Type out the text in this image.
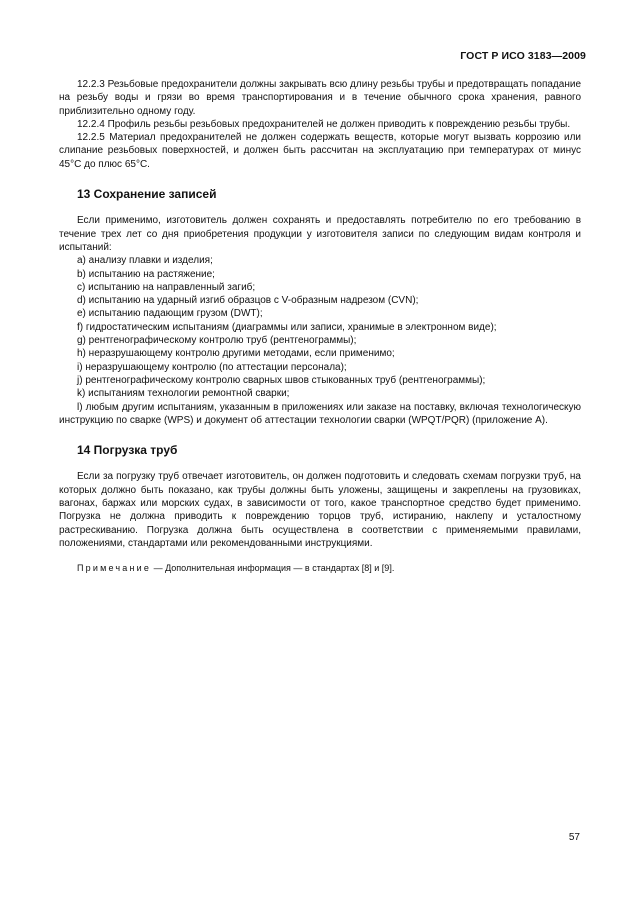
ГОСТ Р ИСО 3183—2009

12.2.3 Резьбовые предохранители должны закрывать всю длину резьбы трубы и предотвращать попадание на резьбу воды и грязи во время транспортирования и в течение обычного срока хранения, равного приблизительно одному году.

12.2.4 Профиль резьбы резьбовых предохранителей не должен приводить к повреждению резьбы трубы.

12.2.5 Материал предохранителей не должен содержать веществ, которые могут вызвать коррозию или слипание резьбовых поверхностей, и должен быть рассчитан на эксплуатацию при температурах от минус 45°С до плюс 65°С.

13 Сохранение записей

Если применимо, изготовитель должен сохранять и предоставлять потребителю по его требованию в течение трех лет со дня приобретения продукции у изготовителя записи по следующим видам контроля и испытаний:

а) анализу плавки и изделия;
b) испытанию на растяжение;
с) испытанию на направленный загиб;
d) испытанию на ударный изгиб образцов с V-образным надрезом (CVN);
е) испытанию падающим грузом (DWT);
f) гидростатическим испытаниям (диаграммы или записи, хранимые в электронном виде);
g) рентгенографическому контролю труб (рентгенограммы);
h) неразрушающему контролю другими методами, если применимо;
i) неразрушающему контролю (по аттестации персонала);
j) рентгенографическому контролю сварных швов стыкованных труб (рентгенограммы);
k) испытаниям технологии ремонтной сварки;
l) любым другим испытаниям, указанным в приложениях или заказе на поставку, включая технологическую инструкцию по сварке (WPS) и документ об аттестации технологии сварки (WPQT/PQR) (приложение А).
14 Погрузка труб

Если за погрузку труб отвечает изготовитель, он должен подготовить и следовать схемам погрузки труб, на которых должно быть показано, как трубы должны быть уложены, защищены и закреплены на грузовиках, вагонах, баржах или морских судах, в зависимости от того, какое транспортное средство будет применимо. Погрузка не должна приводить к повреждению торцов труб, истиранию, наклепу и усталостному растрескиванию. Погрузка должна быть осуществлена в соответствии с применяемыми правилами, положениями, стандартами или рекомендованными инструкциями.

Примечание — Дополнительная информация — в стандартах [8] и [9].
57
